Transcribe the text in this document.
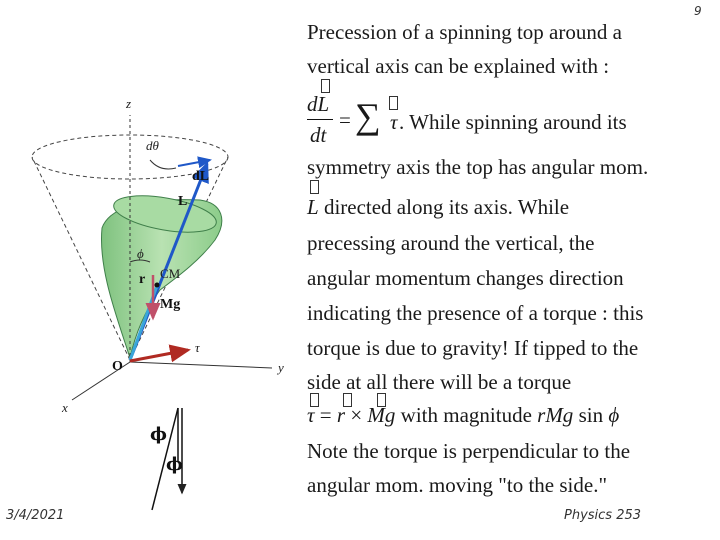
z
y
x
O
dθ
dL
L
ϕ
r CM
Mg
τ
ϕ
ϕ
9
Precession of a spinning top around a
vertical axis can be explained with :
dL
dt
= ∑ τ . While spinning around its
symmetry axis the top has angular mom.
L directed along its axis. While
precessing around the vertical, the
angular momentum changes direction
indicating the presence of a torque : this
torque is due to gravity! If tipped to the
side at all there will be a torque
τ = r × Mg with magnitude rMg sin ϕ
Note the torque is perpendicular to the
angular mom. moving "to the side."
3/4/2021	Physics 253
